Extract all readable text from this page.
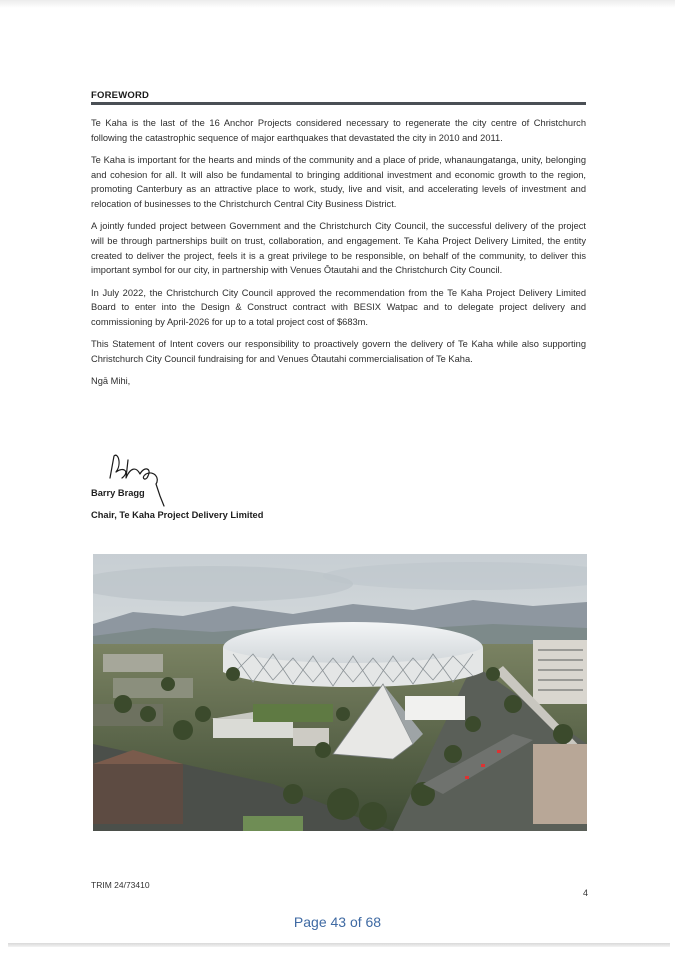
FOREWORD

Te Kaha is the last of the 16 Anchor Projects considered necessary to regenerate the city centre of Christchurch following the catastrophic sequence of major earthquakes that devastated the city in 2010 and 2011.

Te Kaha is important for the hearts and minds of the community and a place of pride, whanaungatanga, unity, belonging and cohesion for all. It will also be fundamental to bringing additional investment and economic growth to the region, promoting Canterbury as an attractive place to work, study, live and visit, and accelerating levels of investment and relocation of businesses to the Christchurch Central City Business District.

A jointly funded project between Government and the Christchurch City Council, the successful delivery of the project will be through partnerships built on trust, collaboration, and engagement. Te Kaha Project Delivery Limited, the entity created to deliver the project, feels it is a great privilege to be responsible, on behalf of the community, to deliver this important symbol for our city, in partnership with Venues Ōtautahi and the Christchurch City Council.

In July 2022, the Christchurch City Council approved the recommendation from the Te Kaha Project Delivery Limited Board to enter into the Design & Construct contract with BESIX Watpac and to delegate project delivery and commissioning by April-2026 for up to a total project cost of $683m.

This Statement of Intent covers our responsibility to proactively govern the delivery of Te Kaha while also supporting Christchurch City Council fundraising for and Venues Ōtautahi commercialisation of Te Kaha.

Ngā Mihi,

Barry Bragg
Chair, Te Kaha Project Delivery Limited
TRIM 24/73410
4
Page 43 of 68
